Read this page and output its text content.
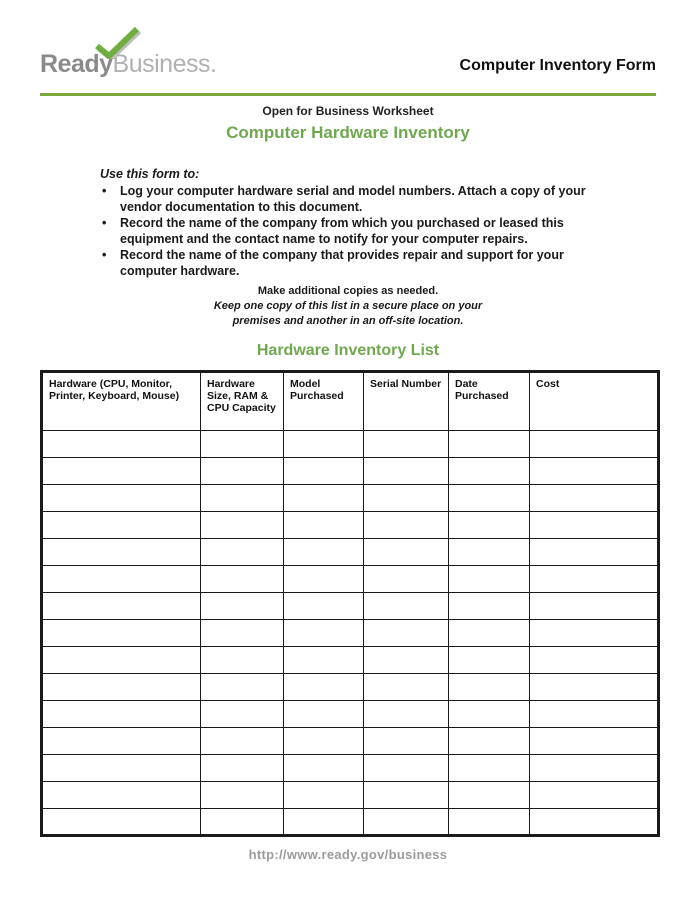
ReadyBusiness.	Computer Inventory Form
Open for Business Worksheet
Computer Hardware Inventory
Use this form to:
•	Log your computer hardware serial and model numbers. Attach a copy of your vendor documentation to this document.
•	Record the name of the company from which you purchased or leased this equipment and the contact name to notify for your computer repairs.
•	Record the name of the company that provides repair and support for your computer hardware.
Make additional copies as needed.
Keep one copy of this list in a secure place on your
premises and another in an off-site location.
Hardware Inventory List
Hardware (CPU, Monitor, Printer, Keyboard, Mouse)	Hardware Size, RAM & CPU Capacity	Model Purchased	Serial Number	Date Purchased	Cost

http://www.ready.gov/business
